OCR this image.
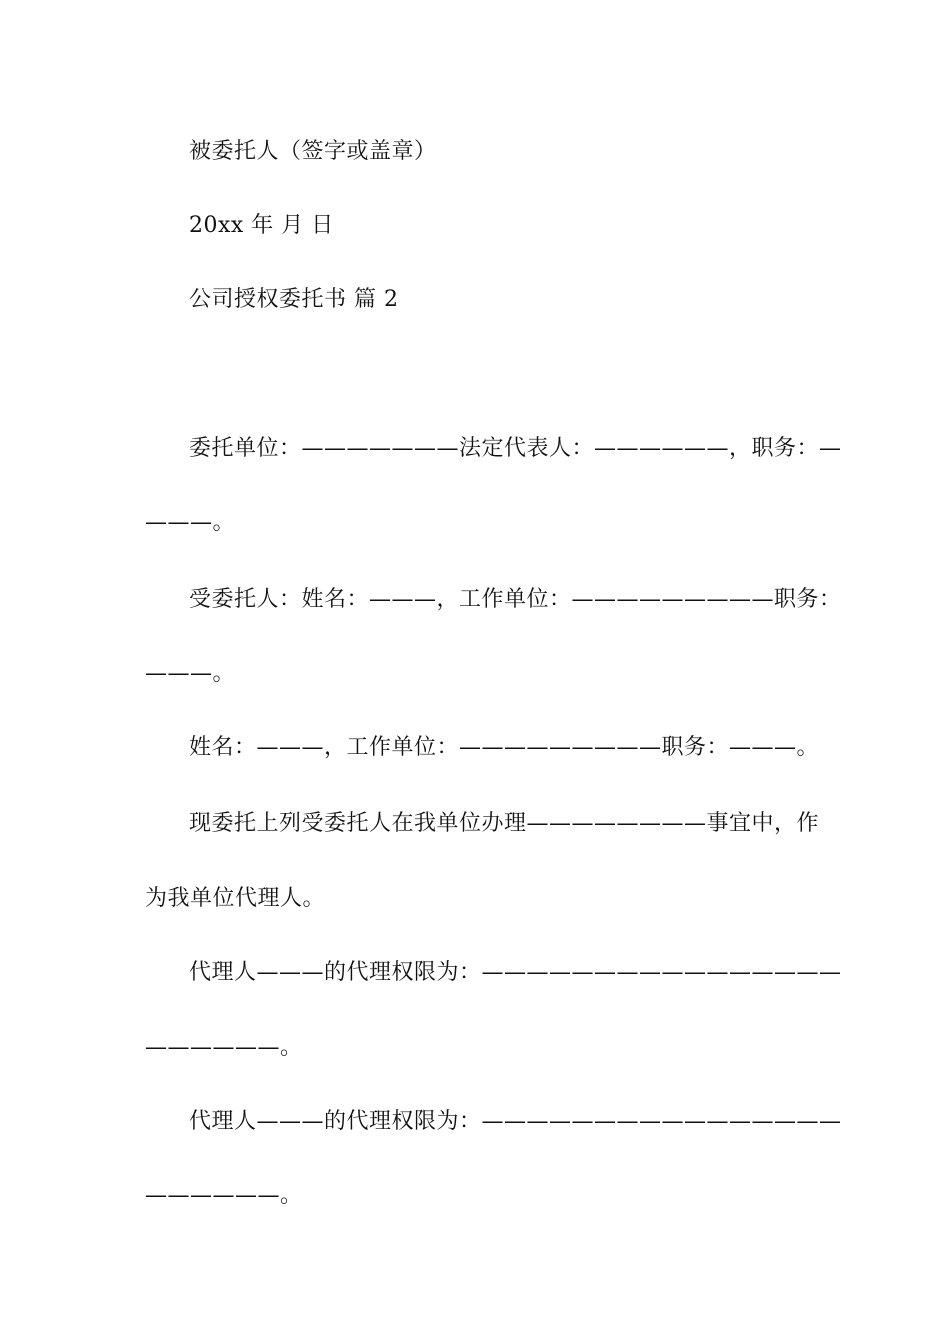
被委托人（签字或盖章）
20xx 年 月 日
公司授权委托书 篇 2
委托单位：———————法定代表人：——————，职务：—
———。
受委托人：姓名：———，工作单位：—————————职务：
———。
姓名：———，工作单位：—————————职务：———。
现委托上列受委托人在我单位办理————————事宜中，作
为我单位代理人。
代理人———的代理权限为：————————————————
——————。
代理人———的代理权限为：————————————————
——————。
